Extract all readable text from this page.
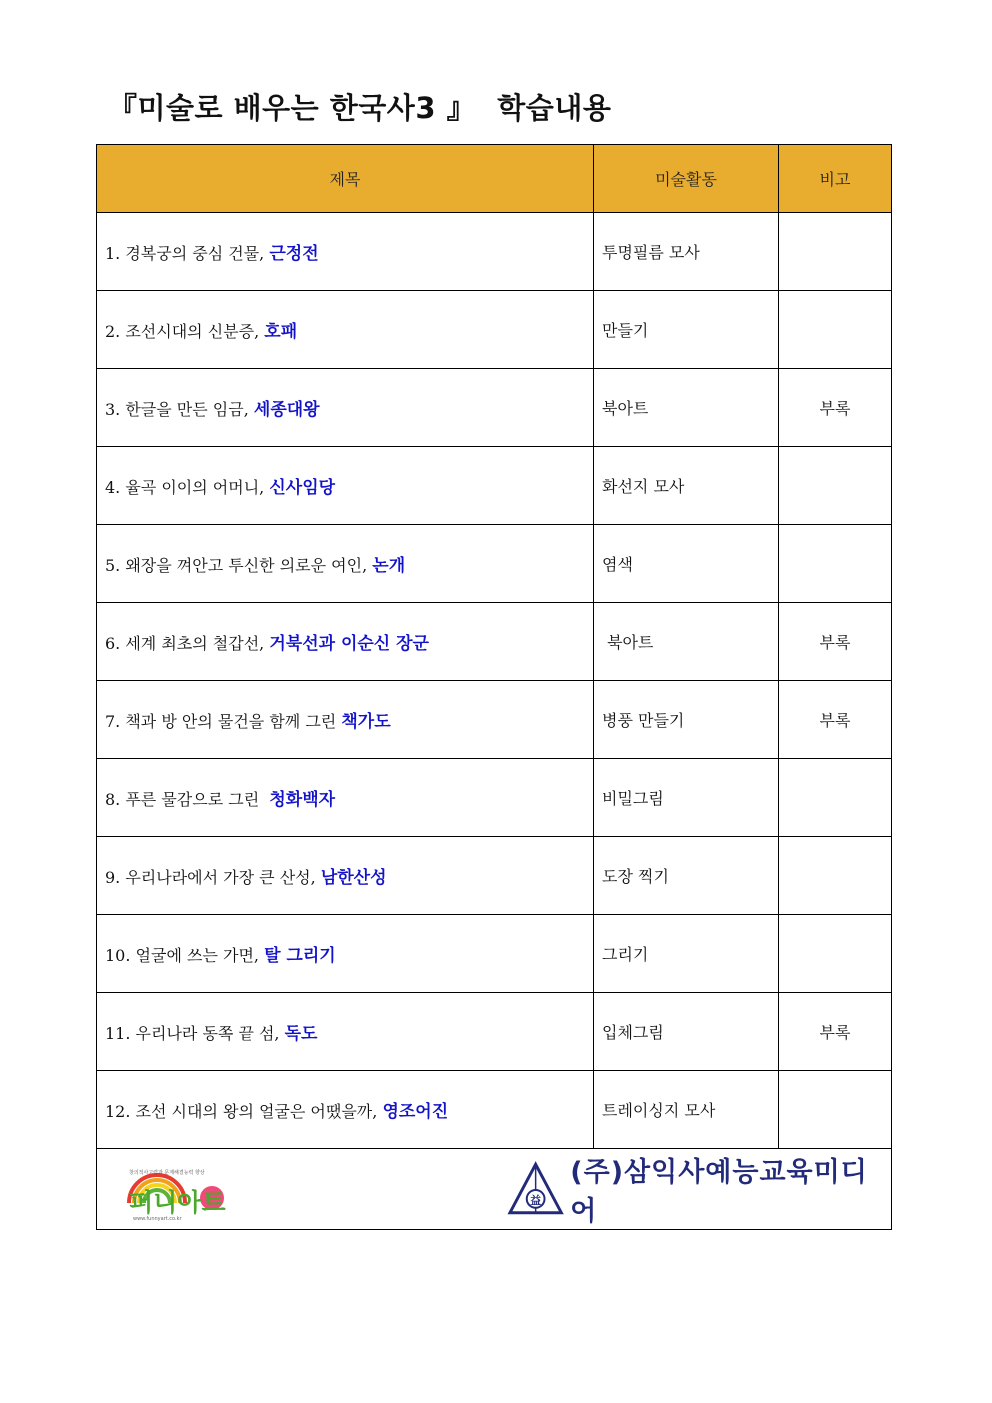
『미술로 배우는 한국사3 』  학습내용
제목	미술활동	비고
1. 경복궁의 중심 건물, 근정전	투명필름 모사	
2. 조선시대의 신분증, 호패	만들기	
3. 한글을 만든 임금, 세종대왕	북아트	부록
4. 율곡 이이의 어머니, 신사임당	화선지 모사	
5. 왜장을 껴안고 투신한 의로운 여인, 논개	염색	
6. 세계 최초의 철갑선, 거북선과 이순신 장군	북아트	부록
7. 책과 방 안의 물건을 함께 그린 책가도	병풍 만들기	부록
8. 푸른 물감으로 그린  청화백자	비밀그림	
9. 우리나라에서 가장 큰 산성, 남한산성	도장 찍기	
10. 얼굴에 쓰는 가면, 탈 그리기	그리기	
11. 우리나라 동쪽 끝 섬, 독도	입체그림	부록
12. 조선 시대의 왕의 얼굴은 어땠을까, 영조어진	트레이싱지 모사	

창의적사고력과 문제해결능력 향상
퍼니아트
www.funnyart.co.kr
益
(주)삼익사예능교육미디어		
